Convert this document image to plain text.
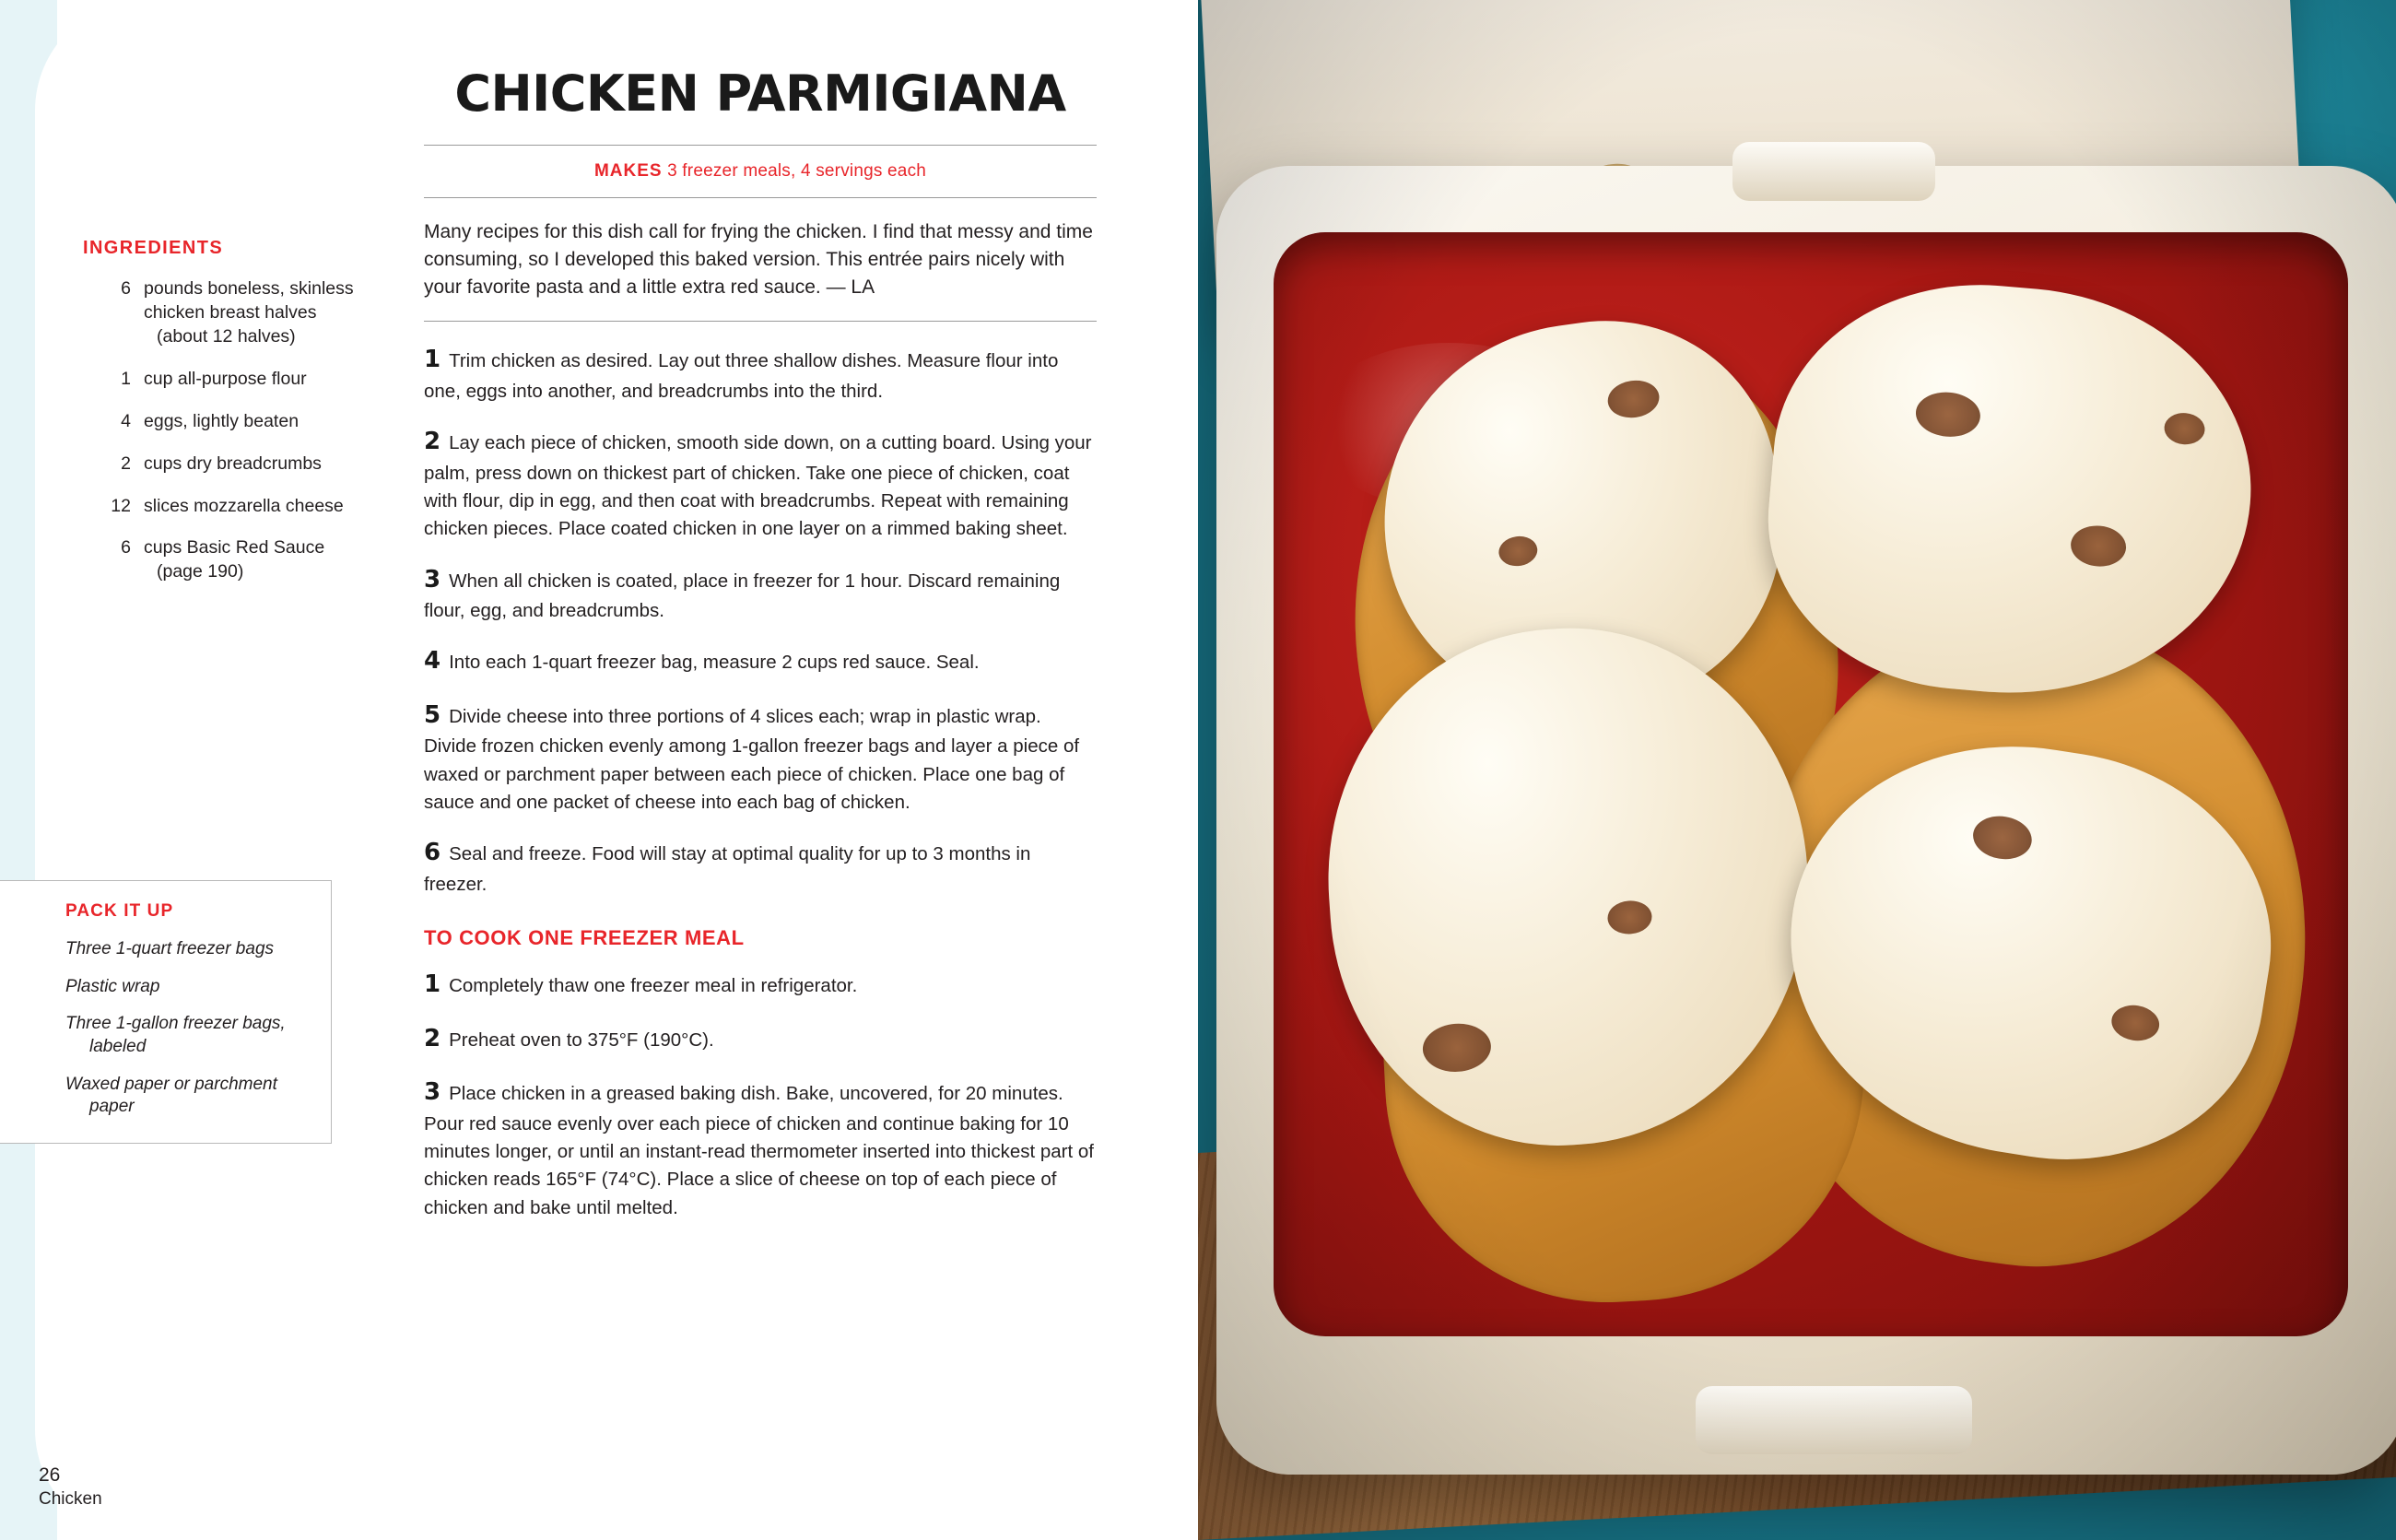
INGREDIENTS
6 pounds boneless, skinless chicken breast halves
(about 12 halves)
1 cup all-purpose flour
4 eggs, lightly beaten
2 cups dry breadcrumbs
12 slices mozzarella cheese
6 cups Basic Red Sauce
(page 190)
PACK IT UP
Three 1-quart freezer bags
Plastic wrap
Three 1-gallon freezer bags,
labeled
Waxed paper or parchment
paper
CHICKEN PARMIGIANA
MAKES 3 freezer meals, 4 servings each

Many recipes for this dish call for frying the chicken. I find that messy and time consuming, so I developed this baked version. This entrée pairs nicely with your favorite pasta and a little extra red sauce. — LA

1 Trim chicken as desired. Lay out three shallow dishes. Measure flour into one, eggs into another, and breadcrumbs into the third.

2 Lay each piece of chicken, smooth side down, on a cutting board. Using your palm, press down on thickest part of chicken. Take one piece of chicken, coat with flour, dip in egg, and then coat with breadcrumbs. Repeat with remaining chicken pieces. Place coated chicken in one layer on a rimmed baking sheet.

3 When all chicken is coated, place in freezer for 1 hour. Discard remaining flour, egg, and breadcrumbs.

4 Into each 1-quart freezer bag, measure 2 cups red sauce. Seal.

5 Divide cheese into three portions of 4 slices each; wrap in plastic wrap. Divide frozen chicken evenly among 1-gallon freezer bags and layer a piece of waxed or parchment paper between each piece of chicken. Place one bag of sauce and one packet of cheese into each bag of chicken.

6 Seal and freeze. Food will stay at optimal quality for up to 3 months in freezer.

TO COOK ONE FREEZER MEAL

1 Completely thaw one freezer meal in refrigerator.

2 Preheat oven to 375°F (190°C).

3 Place chicken in a greased baking dish. Bake, uncovered, for 20 minutes. Pour red sauce evenly over each piece of chicken and continue baking for 10 minutes longer, or until an instant-read thermometer inserted into thickest part of chicken reads 165°F (74°C). Place a slice of cheese on top of each piece of chicken and bake until melted.

26
Chicken
